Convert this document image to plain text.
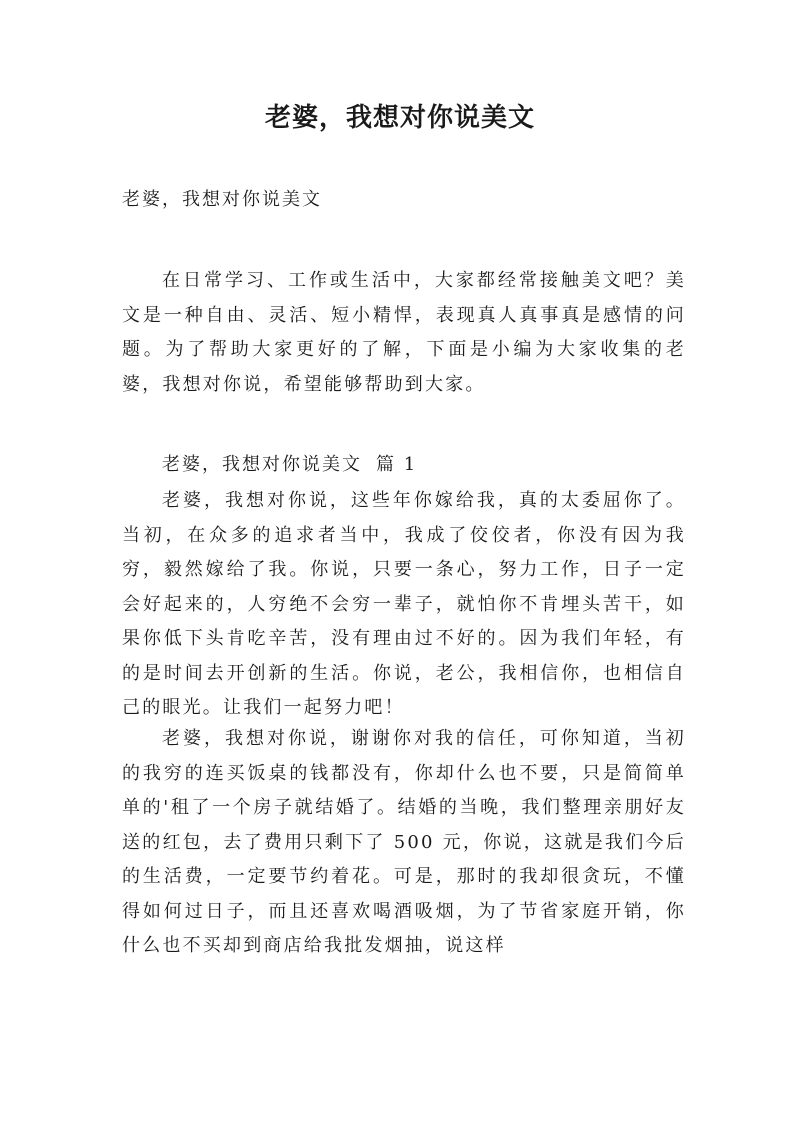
老婆，我想对你说美文

老婆，我想对你说美文

在日常学习、工作或生活中，大家都经常接触美文吧？美文是一种自由、灵活、短小精悍，表现真人真事真是感情的问题。为了帮助大家更好的了解，下面是小编为大家收集的老婆，我想对你说，希望能够帮助到大家。

老婆，我想对你说美文 篇 1

老婆，我想对你说，这些年你嫁给我，真的太委屈你了。当初，在众多的追求者当中，我成了佼佼者，你没有因为我穷，毅然嫁给了我。你说，只要一条心，努力工作，日子一定会好起来的，人穷绝不会穷一辈子，就怕你不肯埋头苦干，如果你低下头肯吃辛苦，没有理由过不好的。因为我们年轻，有的是时间去开创新的生活。你说，老公，我相信你，也相信自己的眼光。让我们一起努力吧！

老婆，我想对你说，谢谢你对我的信任，可你知道，当初的我穷的连买饭桌的钱都没有，你却什么也不要，只是简简单单的'租了一个房子就结婚了。结婚的当晚，我们整理亲朋好友送的红包，去了费用只剩下了 500 元，你说，这就是我们今后的生活费，一定要节约着花。可是，那时的我却很贪玩，不懂得如何过日子，而且还喜欢喝酒吸烟，为了节省家庭开销，你什么也不买却到商店给我批发烟抽，说这样
